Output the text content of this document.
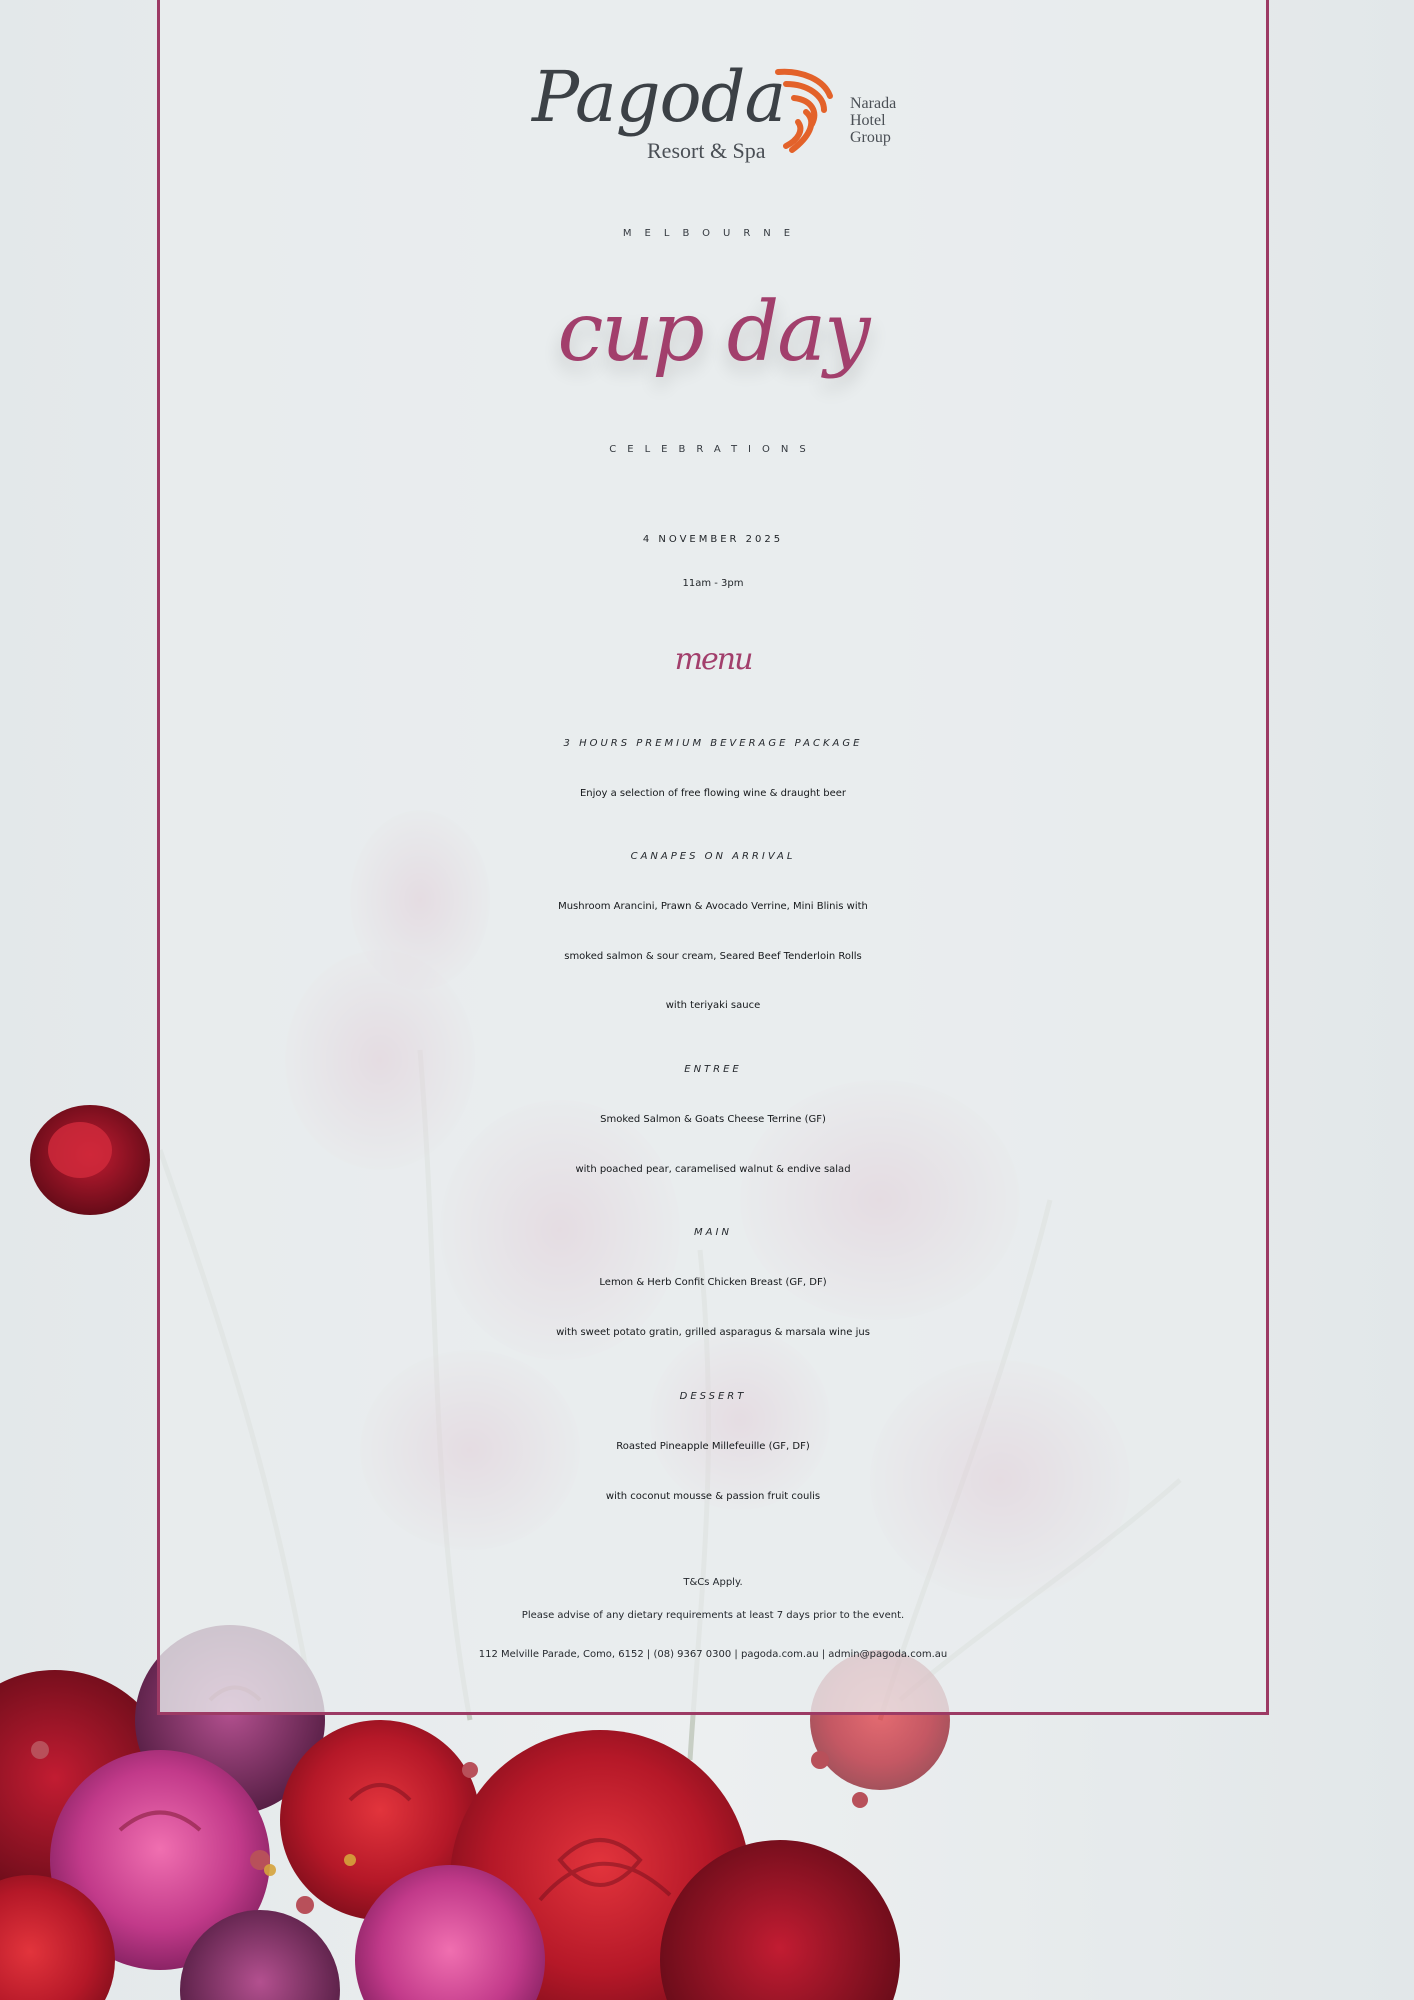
Pagoda
Resort & Spa
Narada
Hotel
Group
MELBOURNE
cup day
CELEBRATIONS
4 NOVEMBER 2025
11am - 3pm
menu
3 HOURS PREMIUM BEVERAGE PACKAGE
Enjoy a selection of free flowing wine & draught beer
CANAPES ON ARRIVAL
Mushroom Arancini, Prawn & Avocado Verrine, Mini Blinis with
smoked salmon & sour cream, Seared Beef Tenderloin Rolls
with teriyaki sauce
ENTREE
Smoked Salmon & Goats Cheese Terrine (GF)
with poached pear, caramelised walnut & endive salad
MAIN
Lemon & Herb Confit Chicken Breast (GF, DF)
with sweet potato gratin, grilled asparagus & marsala wine jus
DESSERT
Roasted Pineapple Millefeuille (GF, DF)
with coconut mousse & passion fruit coulis
T&Cs Apply.
Please advise of any dietary requirements at least 7 days prior to the event.
112 Melville Parade, Como, 6152 | (08) 9367 0300 | pagoda.com.au | admin@pagoda.com.au
